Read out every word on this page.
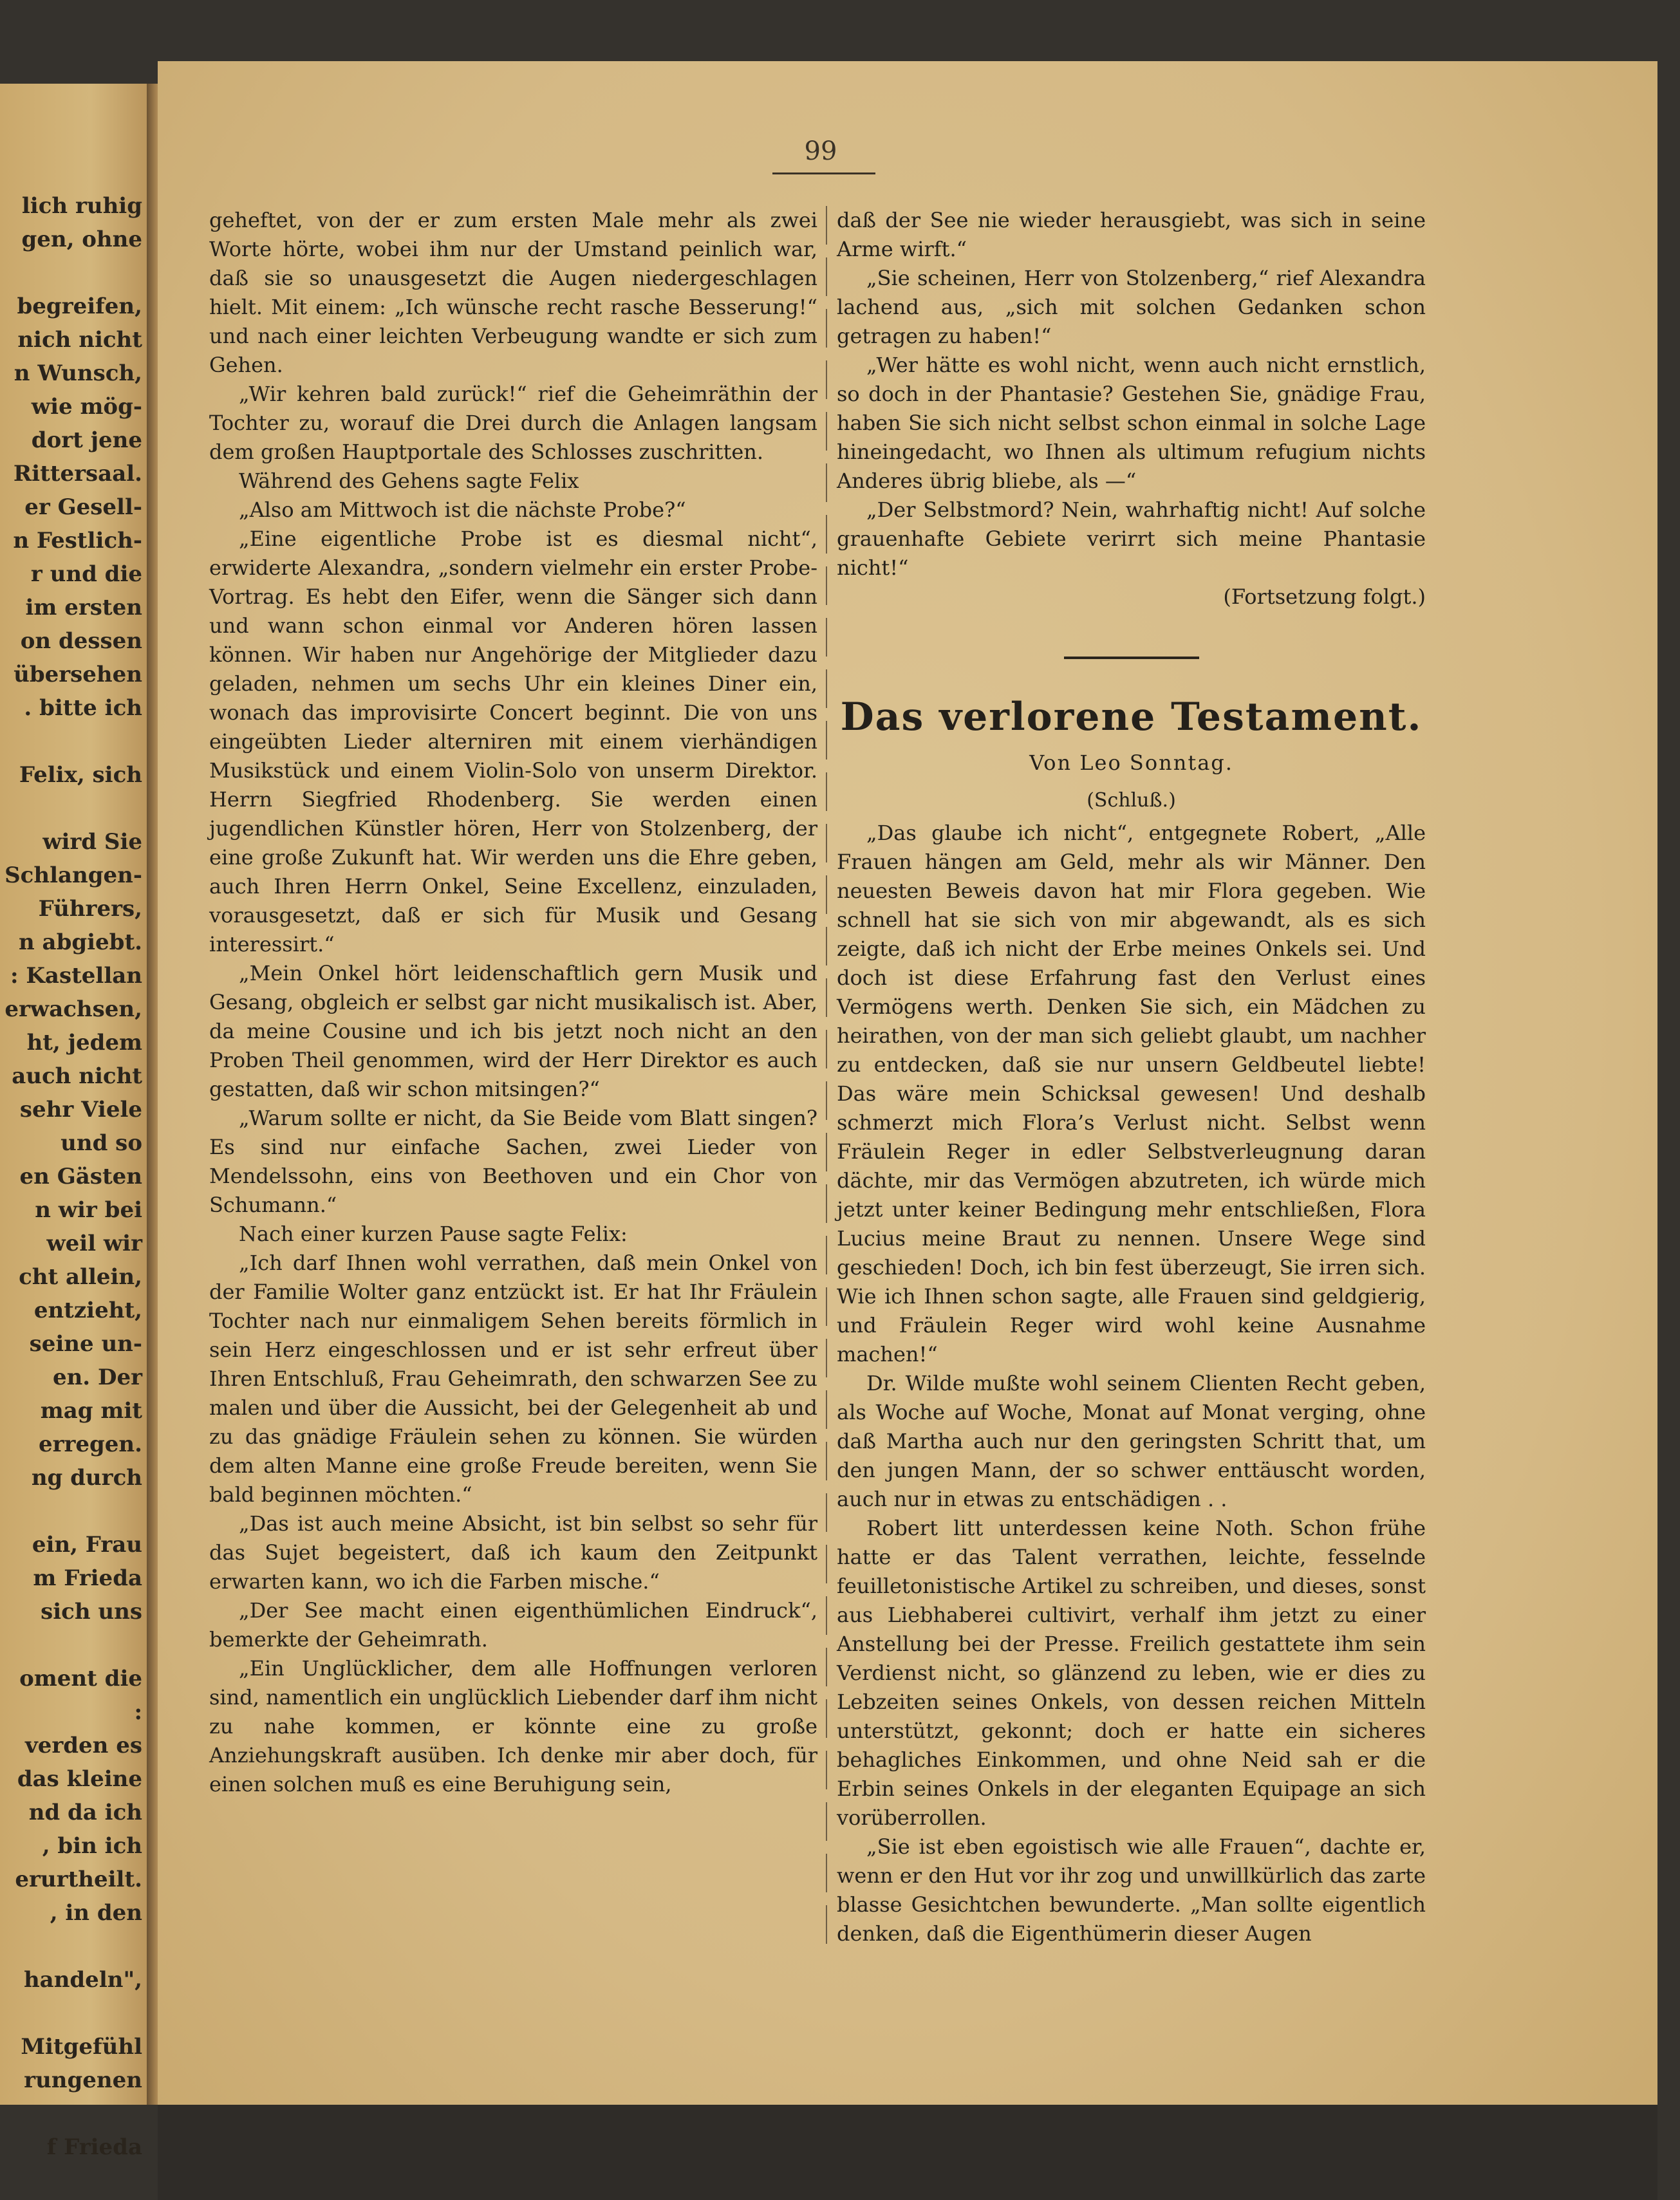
lich ruhig
gen, ohne
begreifen,
nich nicht
n Wunsch,
wie mög-
dort jene
Rittersaal.
er Gesell-
n Festlich-
r und die
im ersten
on dessen
übersehen
. bitte ich
Felix, sich
wird Sie
Schlangen-
Führers,
n abgiebt.
: Kastellan
erwachsen,
ht, jedem
auch nicht
sehr Viele
und so
en Gästen
n wir bei
weil wir
cht allein,
entzieht,
seine un-
en. Der
mag mit
erregen.
ng durch
ein, Frau
m Frieda
sich uns
oment die
:
verden es
das kleine
nd da ich
, bin ich
erurtheilt.
, in den
handeln",
Mitgefühl
rungenen
f Frieda
99

geheftet, von der er zum ersten Male mehr als zwei Worte hörte, wobei ihm nur der Umstand peinlich war, daß sie so unausgesetzt die Augen niedergeschlagen hielt. Mit einem: „Ich wünsche recht rasche Besserung!“ und nach einer leichten Verbeugung wandte er sich zum Gehen.

„Wir kehren bald zurück!“ rief die Geheimräthin der Tochter zu, worauf die Drei durch die Anlagen langsam dem großen Hauptportale des Schlosses zuschritten.

Während des Gehens sagte Felix

„Also am Mittwoch ist die nächste Probe?“

„Eine eigentliche Probe ist es diesmal nicht“, erwiderte Alexandra, „sondern vielmehr ein erster Probe-Vortrag. Es hebt den Eifer, wenn die Sänger sich dann und wann schon einmal vor Anderen hören lassen können. Wir haben nur Angehörige der Mitglieder dazu geladen, nehmen um sechs Uhr ein kleines Diner ein, wonach das improvisirte Concert beginnt. Die von uns eingeübten Lieder alterniren mit einem vierhändigen Musikstück und einem Violin-Solo von unserm Direktor. Herrn Siegfried Rhodenberg. Sie werden einen jugendlichen Künstler hören, Herr von Stolzenberg, der eine große Zukunft hat. Wir werden uns die Ehre geben, auch Ihren Herrn Onkel, Seine Excellenz, einzuladen, vorausgesetzt, daß er sich für Musik und Gesang interessirt.“

„Mein Onkel hört leidenschaftlich gern Musik und Gesang, obgleich er selbst gar nicht musikalisch ist. Aber, da meine Cousine und ich bis jetzt noch nicht an den Proben Theil genommen, wird der Herr Direktor es auch gestatten, daß wir schon mitsingen?“

„Warum sollte er nicht, da Sie Beide vom Blatt singen? Es sind nur einfache Sachen, zwei Lieder von Mendelssohn, eins von Beethoven und ein Chor von Schumann.“

Nach einer kurzen Pause sagte Felix:

„Ich darf Ihnen wohl verrathen, daß mein Onkel von der Familie Wolter ganz entzückt ist. Er hat Ihr Fräulein Tochter nach nur einmaligem Sehen bereits förmlich in sein Herz eingeschlossen und er ist sehr erfreut über Ihren Entschluß, Frau Geheimrath, den schwarzen See zu malen und über die Aussicht, bei der Gelegenheit ab und zu das gnädige Fräulein sehen zu können. Sie würden dem alten Manne eine große Freude bereiten, wenn Sie bald beginnen möchten.“

„Das ist auch meine Absicht, ist bin selbst so sehr für das Sujet begeistert, daß ich kaum den Zeitpunkt erwarten kann, wo ich die Farben mische.“

„Der See macht einen eigenthümlichen Eindruck“, bemerkte der Geheimrath.

„Ein Unglücklicher, dem alle Hoffnungen verloren sind, namentlich ein unglücklich Liebender darf ihm nicht zu nahe kommen, er könnte eine zu große Anziehungskraft ausüben. Ich denke mir aber doch, für einen solchen muß es eine Beruhigung sein,

daß der See nie wieder herausgiebt, was sich in seine Arme wirft.“

„Sie scheinen, Herr von Stolzenberg,“ rief Alexandra lachend aus, „sich mit solchen Gedanken schon getragen zu haben!“

„Wer hätte es wohl nicht, wenn auch nicht ernstlich, so doch in der Phantasie? Gestehen Sie, gnädige Frau, haben Sie sich nicht selbst schon einmal in solche Lage hineingedacht, wo Ihnen als ultimum refugium nichts Anderes übrig bliebe, als —“

„Der Selbstmord? Nein, wahrhaftig nicht! Auf solche grauenhafte Gebiete verirrt sich meine Phantasie nicht!“

(Fortsetzung folgt.)
Das verlorene Testament.
Von Leo Sonntag.
(Schluß.)

„Das glaube ich nicht“, entgegnete Robert, „Alle Frauen hängen am Geld, mehr als wir Männer. Den neuesten Beweis davon hat mir Flora gegeben. Wie schnell hat sie sich von mir abgewandt, als es sich zeigte, daß ich nicht der Erbe meines Onkels sei. Und doch ist diese Erfahrung fast den Verlust eines Vermögens werth. Denken Sie sich, ein Mädchen zu heirathen, von der man sich geliebt glaubt, um nachher zu entdecken, daß sie nur unsern Geldbeutel liebte! Das wäre mein Schicksal gewesen! Und deshalb schmerzt mich Flora’s Verlust nicht. Selbst wenn Fräulein Reger in edler Selbstverleugnung daran dächte, mir das Vermögen abzutreten, ich würde mich jetzt unter keiner Bedingung mehr entschließen, Flora Lucius meine Braut zu nennen. Unsere Wege sind geschieden! Doch, ich bin fest überzeugt, Sie irren sich. Wie ich Ihnen schon sagte, alle Frauen sind geldgierig, und Fräulein Reger wird wohl keine Ausnahme machen!“

Dr. Wilde mußte wohl seinem Clienten Recht geben, als Woche auf Woche, Monat auf Monat verging, ohne daß Martha auch nur den geringsten Schritt that, um den jungen Mann, der so schwer enttäuscht worden, auch nur in etwas zu entschädigen . .

Robert litt unterdessen keine Noth. Schon frühe hatte er das Talent verrathen, leichte, fesselnde feuilletonistische Artikel zu schreiben, und dieses, sonst aus Liebhaberei cultivirt, verhalf ihm jetzt zu einer Anstellung bei der Presse. Freilich gestattete ihm sein Verdienst nicht, so glänzend zu leben, wie er dies zu Lebzeiten seines Onkels, von dessen reichen Mitteln unterstützt, gekonnt; doch er hatte ein sicheres behagliches Einkommen, und ohne Neid sah er die Erbin seines Onkels in der eleganten Equipage an sich vorüberrollen.

„Sie ist eben egoistisch wie alle Frauen“, dachte er, wenn er den Hut vor ihr zog und unwillkürlich das zarte blasse Gesichtchen bewunderte. „Man sollte eigentlich denken, daß die Eigenthümerin dieser Augen
